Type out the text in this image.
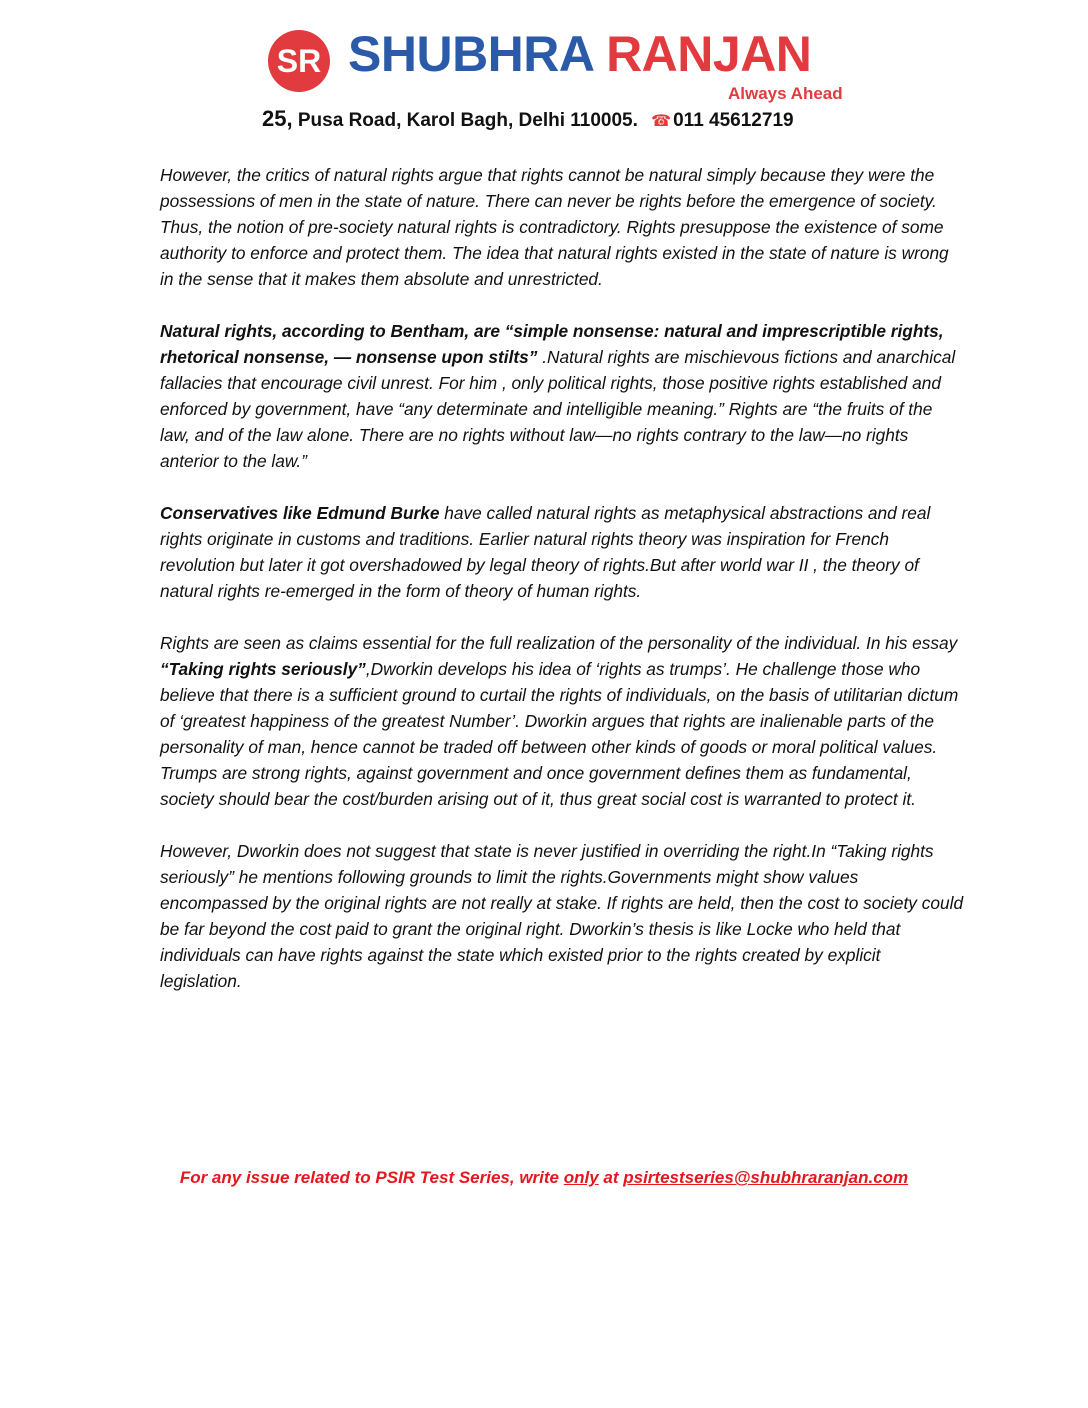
SR SHUBHRA RANJAN
Always Ahead
25, Pusa Road, Karol Bagh, Delhi 110005. ☎ 011 45612719

However, the critics of natural rights argue that rights cannot be natural simply because they were the possessions of men in the state of nature. There can never be rights before the emergence of society. Thus, the notion of pre-society natural rights is contradictory. Rights presuppose the existence of some authority to enforce and protect them. The idea that natural rights existed in the state of nature is wrong in the sense that it makes them absolute and unrestricted.

Natural rights, according to Bentham, are “simple nonsense: natural and imprescriptible rights, rhetorical nonsense, — nonsense upon stilts” .Natural rights are mischievous fictions and anarchical fallacies that encourage civil unrest. For him , only political rights, those positive rights established and enforced by government, have “any determinate and intelligible meaning.” Rights are “the fruits of the law, and of the law alone. There are no rights without law—no rights contrary to the law—no rights anterior to the law.”

Conservatives like Edmund Burke have called natural rights as metaphysical abstractions and real rights originate in customs and traditions. Earlier natural rights theory was inspiration for French revolution but later it got overshadowed by legal theory of rights.But after world war II , the theory of natural rights re-emerged in the form of theory of human rights.

Rights are seen as claims essential for the full realization of the personality of the individual. In his essay “Taking rights seriously”,Dworkin develops his idea of ‘rights as trumps’. He challenge those who believe that there is a sufficient ground to curtail the rights of individuals, on the basis of utilitarian dictum of ‘greatest happiness of the greatest Number’. Dworkin argues that rights are inalienable parts of the personality of man, hence cannot be traded off between other kinds of goods or moral political values.

Trumps are strong rights, against government and once government defines them as fundamental, society should bear the cost/burden arising out of it, thus great social cost is warranted to protect it.

However, Dworkin does not suggest that state is never justified in overriding the right.In “Taking rights seriously” he mentions following grounds to limit the rights.Governments might show values encompassed by the original rights are not really at stake. If rights are held, then the cost to society could be far beyond the cost paid to grant the original right. Dworkin’s thesis is like Locke who held that individuals can have rights against the state which existed prior to the rights created by explicit legislation.

For any issue related to PSIR Test Series, write only at psirtestseries@shubhraranjan.com
